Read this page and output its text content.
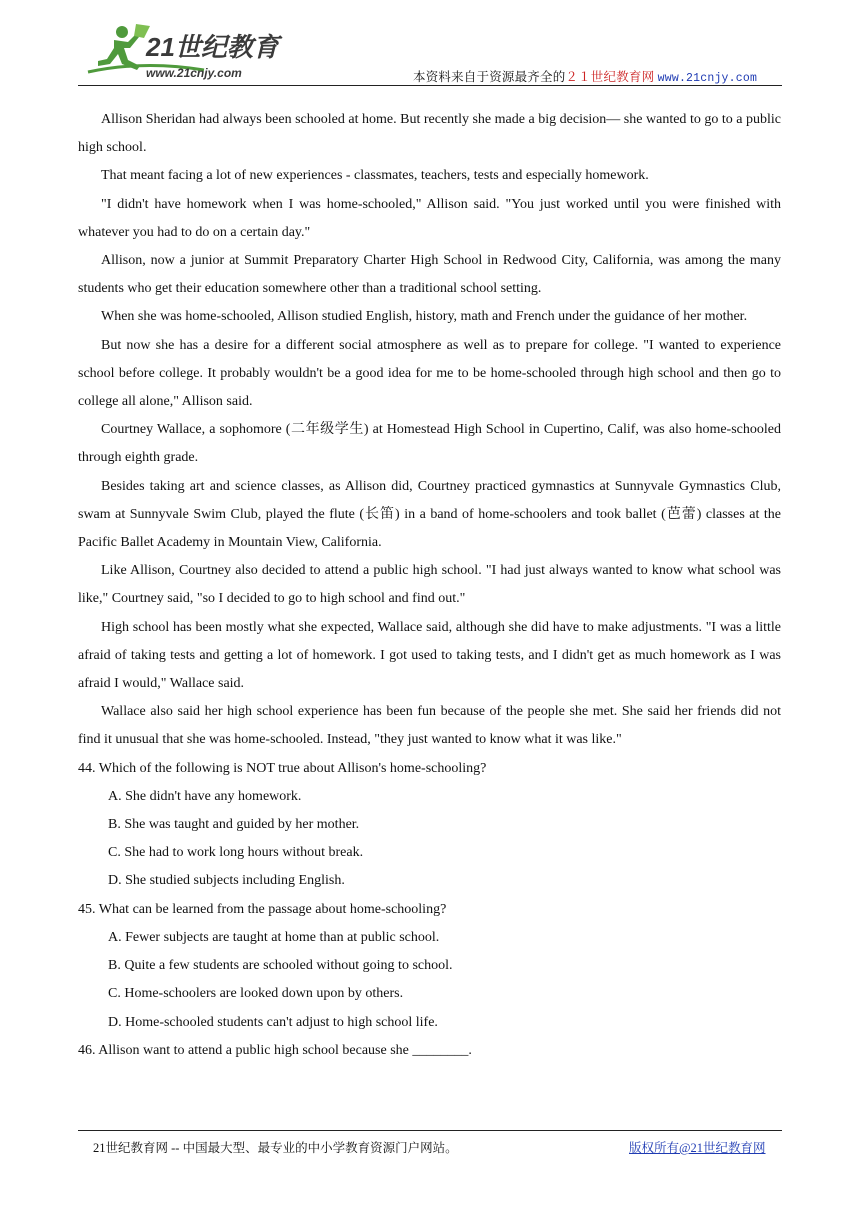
21世纪教育
www.21cnjy.com	本资料来自于资源最齐全的２１世纪教育网 www.21cnjy.com

Allison Sheridan had always been schooled at home. But recently she made a big decision— she wanted to go to a public high school.

That meant facing a lot of new experiences - classmates, teachers, tests and especially homework.

"I didn't have homework when I was home-schooled," Allison said. "You just worked until you were finished with whatever you had to do on a certain day."

Allison, now a junior at Summit Preparatory Charter High School in Redwood City, California, was among the many students who get their education somewhere other than a traditional school setting.

When she was home-schooled, Allison studied English, history, math and French under the guidance of her mother.

But now she has a desire for a different social atmosphere as well as to prepare for college. "I wanted to experience school before college. It probably wouldn't be a good idea for me to be home-schooled through high school and then go to college all alone," Allison said.

Courtney Wallace, a sophomore (二年级学生) at Homestead High School in Cupertino, Calif, was also home-schooled through eighth grade.

Besides taking art and science classes, as Allison did, Courtney practiced gymnastics at Sunnyvale Gymnastics Club, swam at Sunnyvale Swim Club, played the flute (长笛) in a band of home-schoolers and took ballet (芭蕾) classes at the Pacific Ballet Academy in Mountain View, California.

Like Allison, Courtney also decided to attend a public high school. "I had just always wanted to know what school was like," Courtney said, "so I decided to go to high school and find out."

High school has been mostly what she expected, Wallace said, although she did have to make adjustments. "I was a little afraid of taking tests and getting a lot of homework. I got used to taking tests, and I didn't get as much homework as I was afraid I would," Wallace said.

Wallace also said her high school experience has been fun because of the people she met. She said her friends did not find it unusual that she was home-schooled. Instead, "they just wanted to know what it was like."

44. Which of the following is NOT true about Allison's home-schooling?
A. She didn't have any homework.
B. She was taught and guided by her mother.
C. She had to work long hours without break.
D. She studied subjects including English.
45. What can be learned from the passage about home-schooling?
A. Fewer subjects are taught at home than at public school.
B. Quite a few students are schooled without going to school.
C. Home-schoolers are looked down upon by others.
D. Home-schooled students can't adjust to high school life.
46. Allison want to attend a public high school because she ________.
21世纪教育网 -- 中国最大型、最专业的中小学教育资源门户网站。	版权所有@21世纪教育网
